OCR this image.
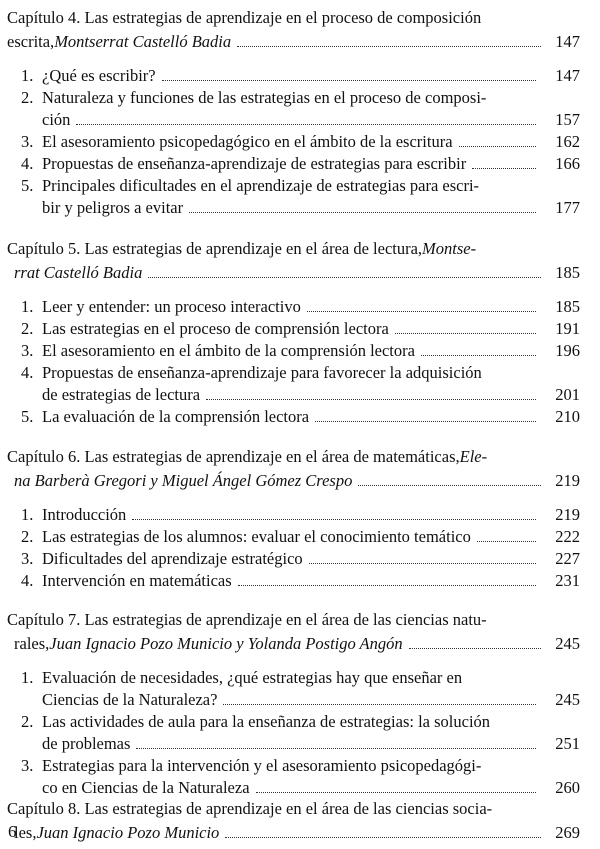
Capítulo 4. Las estrategias de aprendizaje en el proceso de composición
escrita, Montserrat Castelló Badia	147
1. ¿Qué es escribir?	147
2. Naturaleza y funciones de las estrategias en el proceso de composi-
ción	157
3. El asesoramiento psicopedagógico en el ámbito de la escritura	162
4. Propuestas de enseñanza-aprendizaje de estrategias para escribir	166
5. Principales dificultades en el aprendizaje de estrategias para escri-
bir y peligros a evitar	177
Capítulo 5. Las estrategias de aprendizaje en el área de lectura, Montse-
rrat Castelló Badia	185
1. Leer y entender: un proceso interactivo	185
2. Las estrategias en el proceso de comprensión lectora	191
3. El asesoramiento en el ámbito de la comprensión lectora	196
4. Propuestas de enseñanza-aprendizaje para favorecer la adquisición
de estrategias de lectura	201
5. La evaluación de la comprensión lectora	210
Capítulo 6. Las estrategias de aprendizaje en el área de matemáticas, Ele-
na Barberà Gregori y Miguel Ángel Gómez Crespo	219
1. Introducción	219
2. Las estrategias de los alumnos: evaluar el conocimiento temático	222
3. Dificultades del aprendizaje estratégico	227
4. Intervención en matemáticas	231
Capítulo 7. Las estrategias de aprendizaje en el área de las ciencias natu-
rales, Juan Ignacio Pozo Municio y Yolanda Postigo Angón	245
1. Evaluación de necesidades, ¿qué estrategias hay que enseñar en
Ciencias de la Naturaleza?	245
2. Las actividades de aula para la enseñanza de estrategias: la solución
de problemas	251
3. Estrategias para la intervención y el asesoramiento psicopedagógi-
co en Ciencias de la Naturaleza	260
Capítulo 8. Las estrategias de aprendizaje en el área de las ciencias socia-
les, Juan Ignacio Pozo Municio	269
6
